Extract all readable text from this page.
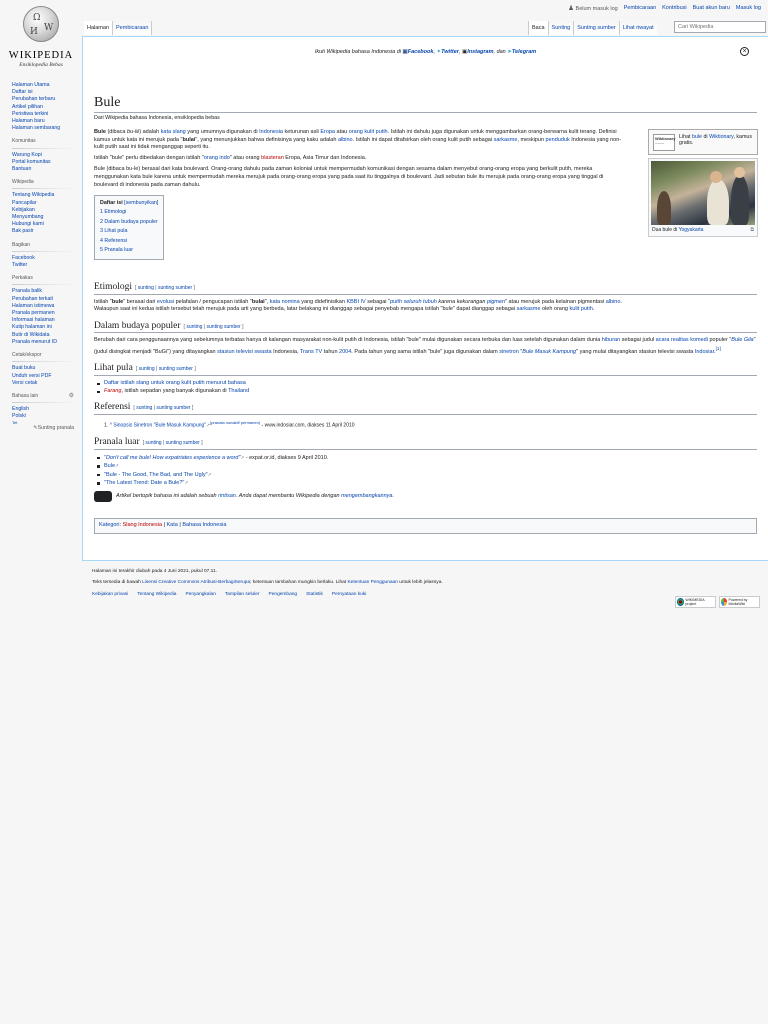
Ω
W
И
WIKIPEDIA
Ensiklopedia Bebas
♟ Belum masuk log Pembicaraan Kontribusi Buat akun baru Masuk log
Halaman	Pembicaraan	Baca	Sunting	Sunting sumber	Lihat riwayat
Cari Wikipedia
Halaman Utama
Daftar isi
Perubahan terbaru
Artikel pilihan
Peristiwa terkini
Halaman baru
Halaman sembarang
Komunitas
Warung Kopi
Portal komunitas
Bantuan
Wikipedia
Tentang Wikipedia
Pancapilar
Kebijakan
Menyumbang
Hubungi kami
Bak pasir
Bagikan
Facebook
Twitter
Perkakas
Pranala balik
Perubahan terkait
Halaman istimewa
Pranala permanen
Informasi halaman
Kutip halaman ini
Butir di Wikidata
Pranala menurut ID
Cetak/ekspor
Buat buku
Unduh versi PDF
Versi cetak
Bahasa lain	⚙
English
Polski
Tet
✎Sunting pranala
Ikuti Wikipedia bahasa Indonesia di ▣Facebook, ✦Twitter, ▣Instagram, dan ➤Telegram	×
Bule
Dari Wikipedia bahasa Indonesia, ensiklopedia bebas
Wiktionary
~~~~
Lihat bule di Wiktionary, kamus gratis.
Dua bule di Yogyakarta	⧉

Bule (dibaca bu-lé) adalah kata slang yang umumnya digunakan di Indonesia keturunan asli Eropa atau orang kulit putih. Istilah ini dahulu juga digunakan untuk menggambarkan orang-berwarna kulit terang. Definisi kamus untuk kata ini merujuk pada "bulai", yang menunjukkan bahwa definisinya yang kaku adalah albino. Istilah ini dapat ditafsirkan oleh orang kulit putih sebagai sarkasme, meskipun penduduk Indonesia yang non-kulit putih saat ini tidak menganggap seperti itu.

Istilah "bule" perlu dibedakan dengan istilah "orang indo" atau orang blasteran Eropa, Asia Timur dan Indonesia.

Bule (dibaca bu-le) berasal dari kata boulevard. Orang-orang dahulu pada zaman kolonial untuk mempermudah komunikasi dengan sesama dalam menyebut orang-orang eropa yang berkulit putih, mereka menggunakan kata bule karena untuk mempermudah mereka merujuk pada orang-orang eropa yang pada saat itu tinggalnya di boulevard. Jadi sebutan bule itu merujuk pada orang-orang eropa yang tinggal di boulevard di indonesia pada zaman dahulu.

Daftar isi [sembunyikan]
1 Etimologi
2 Dalam budaya populer
3 Lihat pula
4 Referensi
5 Pranala luar
Etimologi [ sunting | sunting sumber ]

Istilah "bule" berasal dari evolusi pelafalan / pengucapan istilah "bulai", kata nomina yang didefinisikan KBBI IV sebagai "putih seluruh tubuh karena kekurangan pigmen" atau merujuk pada kelainan pigmentasi albino.
Walaupun saat ini kedua istilah tersebut telah merujuk pada arti yang berbeda, latar belakang ini dianggap sebagai penyebab mengapa istilah "bule" dapat dianggap sebagai sarkasme oleh orang kulit putih.

Dalam budaya populer [ sunting | sunting sumber ]

Berubah dari cara penggunaannya yang sebelumnya terbatas hanya di kalangan masyarakat non-kulit putih di Indonesia, istilah "bule" mulai digunakan secara terbuka dan luas setelah digunakan dalam dunia hiburan sebagai judul acara realitas komedi populer "Bule Gila" (judul disingkat menjadi "BuGi") yang ditayangkan stasiun televisi swasta Indonesia, Trans TV tahun 2004. Pada tahun yang sama istilah "bule" juga digunakan dalam sinetron "Bule Masuk Kampung" yang mulai ditayangkan stasiun televisi swasta Indosiar.[1]

Lihat pula [ sunting | sunting sumber ]
Daftar istilah slang untuk orang kulit putih menurut bahasa
Farang, istilah sepadan yang banyak digunakan di Thailand
Referensi [ sunting | sunting sumber ]
1. ^ Sinopsis Sinetron "Bule Masuk Kampung"↗$^{(pranala nonaktif permanen)}$ - www.indosiar.com, diakses 11 April 2010
Pranala luar [ sunting | sunting sumber ]
"Don't call me bule! How expatriates experience a word"↗ - expat.or.id, diakses 9 April 2010.
Bule↗
"Bule - The Good, The Bad, and The Ugly"↗
"The Latest Trend: Date a Bule?"↗
Artikel bertopik bahasa ini adalah sebuah rintisan. Anda dapat membantu Wikipedia dengan mengembangkannya.
Kategori: Slang Indonesia | Kata | Bahasa Indonesia
Halaman ini terakhir diubah pada 4 Juni 2021, pukul 07.11.
Teks tersedia di bawah Lisensi Creative Commons Atribusi-BerbagiSerupa; ketentuan tambahan mungkin berlaku. Lihat Ketentuan Penggunaan untuk lebih jelasnya.
Kebijakan privasi Tentang Wikipedia Penyangkalan Tampilan seluler Pengembang Statistik Pernyataan kuki
WIKIMEDIA project
Powered by MediaWiki
